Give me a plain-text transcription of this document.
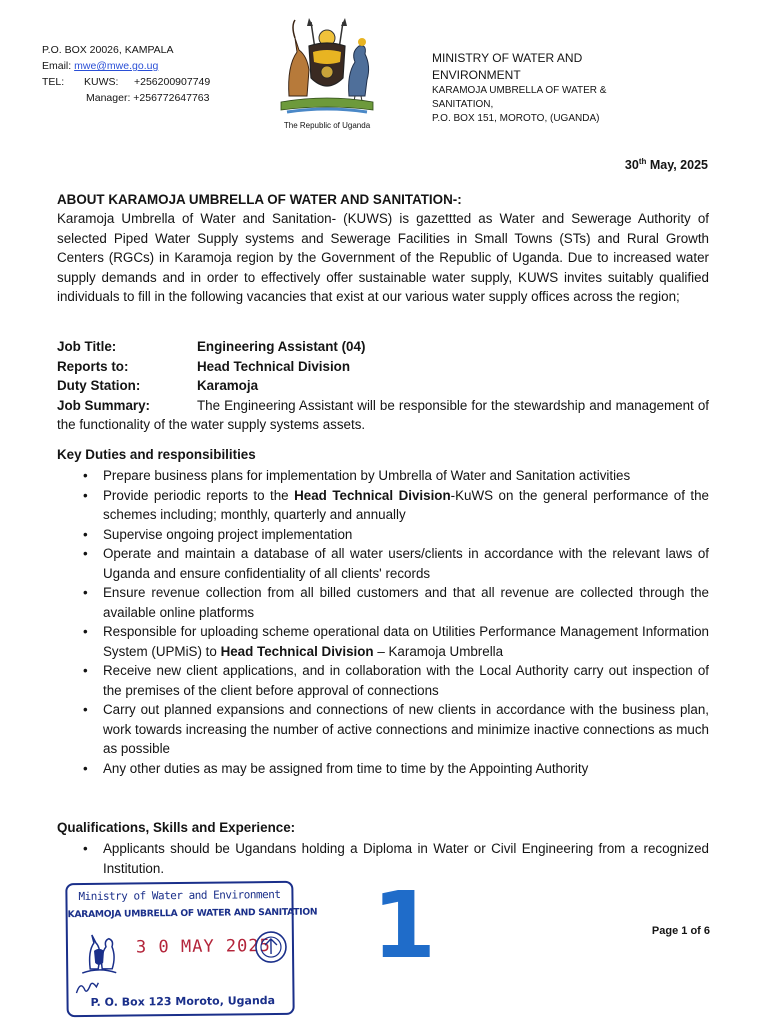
P.O. BOX 20026, KAMPALA
Email: mwe@mwe.go.ug
TEL: KUWS: +256200907749
Manager: +256772647763
The Republic of Uganda
MINISTRY OF WATER AND
ENVIRONMENT
KARAMOJA UMBRELLA OF WATER &
SANITATION,
P.O. BOX 151, MOROTO, (UGANDA)
30th May, 2025
ABOUT KARAMOJA UMBRELLA OF WATER AND SANITATION-:
Karamoja Umbrella of Water and Sanitation- (KUWS) is gazettted as Water and Sewerage Authority of selected Piped Water Supply systems and Sewerage Facilities in Small Towns (STs) and Rural Growth Centers (RGCs) in Karamoja region by the Government of the Republic of Uganda. Due to increased water supply demands and in order to effectively offer sustainable water supply, KUWS invites suitably qualified individuals to fill in the following vacancies that exist at our various water supply offices across the region;
Job Title:	Engineering Assistant (04)
Reports to:	Head Technical Division
Duty Station:	Karamoja
Job Summary:	The Engineering Assistant will be responsible for the stewardship and management of the functionality of the water supply systems assets.
Key Duties and responsibilities
• Prepare business plans for implementation by Umbrella of Water and Sanitation activities
• Provide periodic reports to the Head Technical Division-KuWS on the general performance of the schemes including; monthly, quarterly and annually
• Supervise ongoing project implementation
• Operate and maintain a database of all water users/clients in accordance with the relevant laws of Uganda and ensure confidentiality of all clients' records
• Ensure revenue collection from all billed customers and that all revenue are collected through the available online platforms
• Responsible for uploading scheme operational data on Utilities Performance Management Information System (UPMiS) to Head Technical Division – Karamoja Umbrella
• Receive new client applications, and in collaboration with the Local Authority carry out inspection of the premises of the client before approval of connections
• Carry out planned expansions and connections of new clients in accordance with the business plan, work towards increasing the number of active connections and minimize inactive connections as much as possible
• Any other duties as may be assigned from time to time by the Appointing Authority
Qualifications, Skills and Experience:
• Applicants should be Ugandans holding a Diploma in Water or Civil Engineering from a recognized Institution.
Ministry of Water and Environment
KARAMOJA UMBRELLA OF WATER AND SANITATION
3 0 MAY 2025
P. O. Box 123 Moroto, Uganda
1	Page 1 of 6
